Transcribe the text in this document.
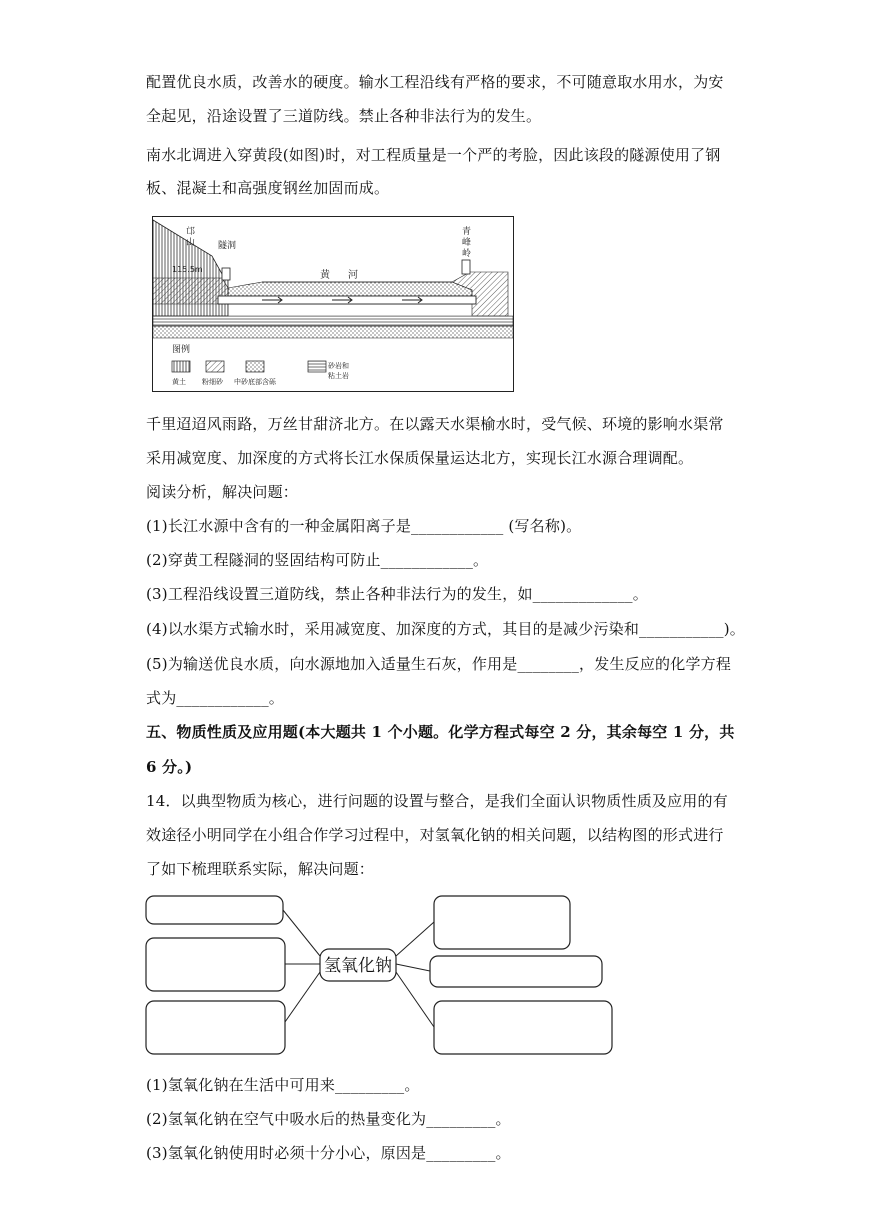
配置优良水质，改善水的硬度。输水工程沿线有严格的要求，不可随意取水用水，为安
全起见，沿途设置了三道防线。禁止各种非法行为的发生。
南水北调进入穿黄段(如图)时，对工程质量是一个严的考脸，因此该段的隧源使用了钢
板、混凝土和高强度钢丝加固而成。
邙
山	隧洞
115.5m
黄 河
青
峰
岭
图例
黄土 粉细砂 中砂底部含砾
砂岩和
粘土岩
千里迢迢风雨路，万丝甘甜济北方。在以露天水渠榆水时，受气候、环境的影响水渠常
采用减宽度、加深度的方式将长江水保质保量运达北方，实现长江水源合理调配。
阅读分析，解决问题：
(1)长江水源中含有的一种金属阳离子是____________ (写名称)。
(2)穿黄工程隧洞的竖固结构可防止____________。
(3)工程沿线设置三道防线，禁止各种非法行为的发生，如_____________。
(4)以水渠方式输水时，采用减宽度、加深度的方式，其目的是减少污染和___________)。
(5)为输送优良水质，向水源地加入适量生石灰，作用是________，发生反应的化学方程
式为____________。
五、物质性质及应用题(本大题共 1 个小题。化学方程式每空 2 分，其余每空 1 分，共
6 分。)
14．以典型物质为核心，进行问题的设置与整合，是我们全面认识物质性质及应用的有
效途径小明同学在小组合作学习过程中，对氢氧化钠的相关问题，以结构图的形式进行
了如下梳理联系实际，解决问题：
氢氧化钠
(1)氢氧化钠在生活中可用来_________。
(2)氢氧化钠在空气中吸水后的热量变化为_________。
(3)氢氧化钠使用时必须十分小心，原因是_________。
